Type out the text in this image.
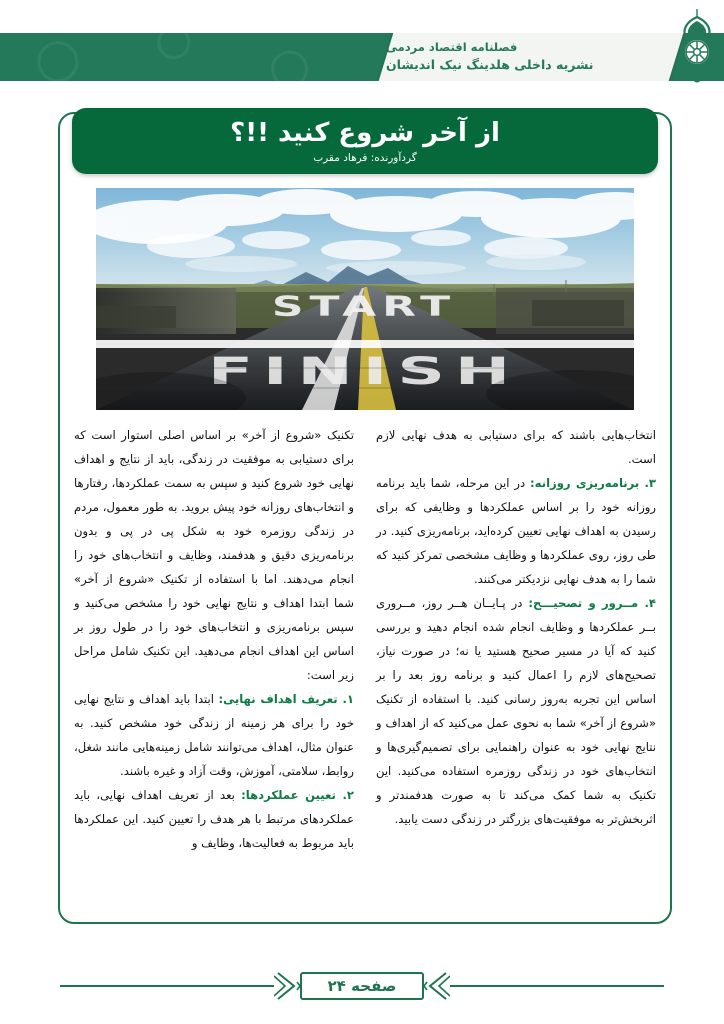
فصلنامه اقتصاد مردمی
نشریه داخلی هلدینگ نیک اندیشان
از آخر شروع کنید !!؟
گردآورنده: فرهاد مقرب
START
FINISH

تکنیک «شروع از آخر» بر اساس اصلی استوار است که برای دستیابی به موفقیت در زندگی، باید از نتایج و اهداف نهایی خود شروع کنید و سپس به سمت عملکردها، رفتارها و انتخاب‌های روزانه خود پیش بروید. به طور معمول، مردم در زندگی روزمره خود به شکل پی در پی و بدون برنامه‌ریزی دقیق و هدفمند، وظایف و انتخاب‌های خود را انجام می‌دهند. اما با استفاده از تکنیک «شروع از آخر» شما ابتدا اهداف و نتایج نهایی خود را مشخص می‌کنید و سپس برنامه‌ریزی و انتخاب‌های خود را در طول روز بر اساس این اهداف انجام می‌دهید. این تکنیک شامل مراحل زیر است:

۱. تعریف اهداف نهایی: ابتدا باید اهداف و نتایج نهایی خود را برای هر زمینه از زندگی خود مشخص کنید. به عنوان مثال، اهداف می‌توانند شامل زمینه‌هایی مانند شغل، روابط، سلامتی، آموزش، وقت آزاد و غیره باشند.

۲. تعیین عملکردها: بعد از تعریف اهداف نهایی، باید عملکردهای مرتبط با هر هدف را تعیین کنید. این عملکردها باید مربوط به فعالیت‌ها، وظایف و

انتخاب‌هایی باشند که برای دستیابی به هدف نهایی لازم است.

۳. برنامه‌ریزی روزانه: در این مرحله، شما باید برنامه روزانه خود را بر اساس عملکردها و وظایفی که برای رسیدن به اهداف نهایی تعیین کرده‌اید، برنامه‌ریزی کنید. در طی روز، روی عملکردها و وظایف مشخصی تمرکز کنید که شما را به هدف نهایی نزدیکتر می‌کنند.

۴. مــرور و تصحیـــح: در پـایــان هــر روز، مــروری بــر عملکردها و وظایف انجام شده انجام دهید و بررسی کنید که آیا در مسیر صحیح هستید یا نه؛ در صورت نیاز، تصحیح‌های لازم را اعمال کنید و برنامه روز بعد را بر اساس این تجربه به‌روز رسانی کنید. با استفاده از تکنیک «شروع از آخر» شما به نحوی عمل می‌کنید که از اهداف و نتایج نهایی خود به عنوان راهنمایی برای تصمیم‌گیری‌ها و انتخاب‌های خود در زندگی روزمره استفاده می‌کنید. این تکنیک به شما کمک می‌کند تا به صورت هدفمندتر و اثربخش‌تر به موفقیت‌های بزرگتر در زندگی دست یابید.

صفحه ۲۴
